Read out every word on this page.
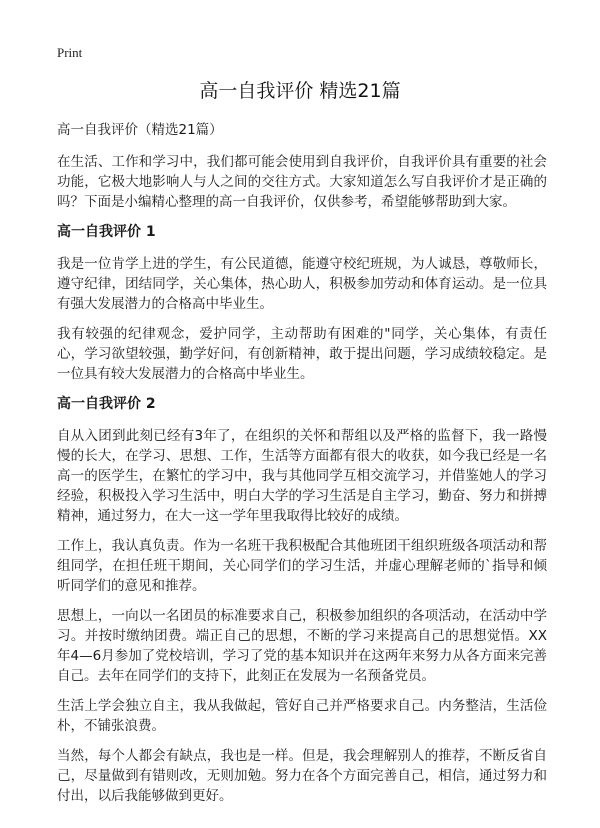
Print
高一自我评价 精选21篇
高一自我评价（精选21篇）

在生活、工作和学习中，我们都可能会使用到自我评价，自我评价具有重要的社会功能，它极大地影响人与人之间的交往方式。大家知道怎么写自我评价才是正确的吗？下面是小编精心整理的高一自我评价，仅供参考，希望能够帮助到大家。

高一自我评价 1

我是一位肯学上进的学生，有公民道德，能遵守校纪班规，为人诚恳，尊敬师长，遵守纪律，团结同学，关心集体，热心助人，积极参加劳动和体育运动。是一位具有强大发展潜力的合格高中毕业生。

我有较强的纪律观念，爱护同学，主动帮助有困难的"同学，关心集体，有责任心，学习欲望较强，勤学好问，有创新精神，敢于提出问题，学习成绩较稳定。是一位具有较大发展潜力的合格高中毕业生。

高一自我评价 2

自从入团到此刻已经有3年了，在组织的关怀和帮组以及严格的监督下，我一路慢慢的长大，在学习、思想、工作，生活等方面都有很大的收获，如今我已经是一名高一的医学生，在繁忙的学习中，我与其他同学互相交流学习，并借鉴她人的学习经验，积极投入学习生活中，明白大学的学习生活是自主学习，勤奋、努力和拼搏精神，通过努力，在大一这一学年里我取得比较好的成绩。

工作上，我认真负责。作为一名班干我积极配合其他班团干组织班级各项活动和帮组同学，在担任班干期间，关心同学们的学习生活，并虚心理解老师的`指导和倾听同学们的意见和推荐。

思想上，一向以一名团员的标准要求自己，积极参加组织的各项活动，在活动中学习。并按时缴纳团费。端正自己的思想，不断的学习来提高自己的思想觉悟。XX年4—6月参加了党校培训，学习了党的基本知识并在这两年来努力从各方面来完善自己。去年在同学们的支持下，此刻正在发展为一名预备党员。

生活上学会独立自主，我从我做起，管好自己并严格要求自己。内务整洁，生活俭朴，不铺张浪费。

当然，每个人都会有缺点，我也是一样。但是，我会理解别人的推荐，不断反省自己，尽量做到有错则改，无则加勉。努力在各个方面完善自己，相信，通过努力和付出，以后我能够做到更好。
